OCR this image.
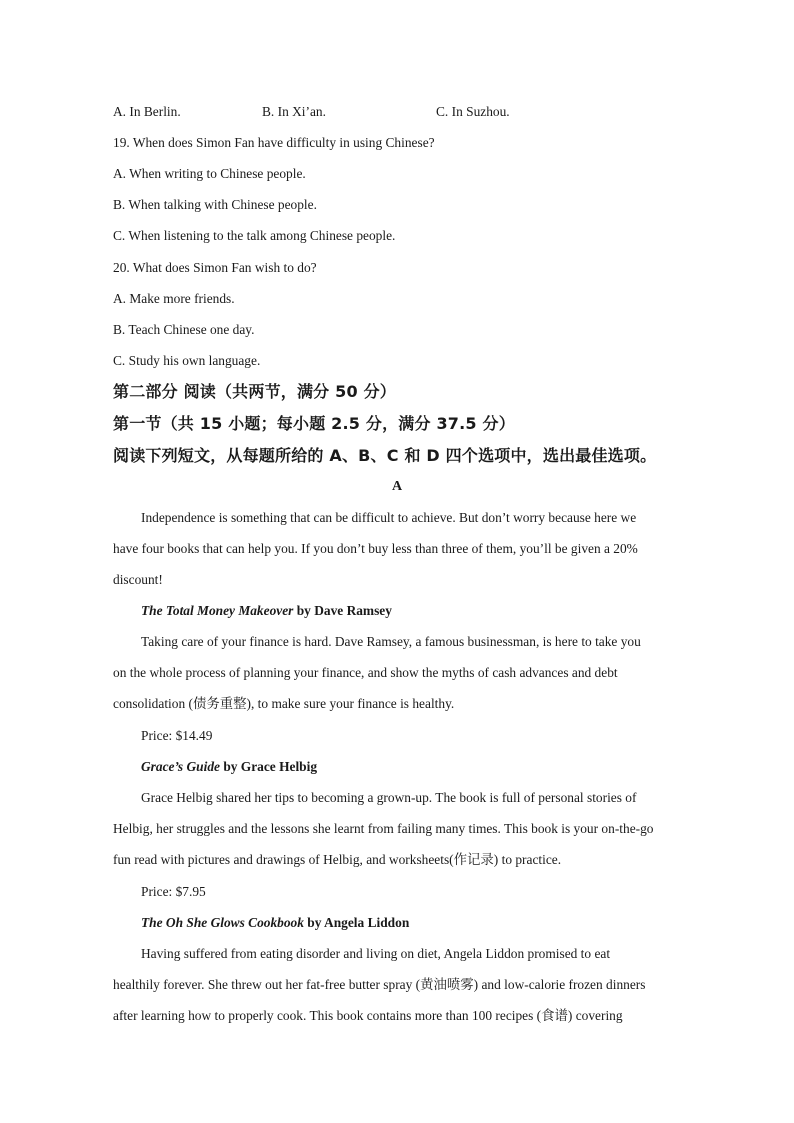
A. In Berlin.	B. In Xi’an.	C. In Suzhou.
19. When does Simon Fan have difficulty in using Chinese?
A. When writing to Chinese people.
B. When talking with Chinese people.
C. When listening to the talk among Chinese people.
20. What does Simon Fan wish to do?
A. Make more friends.
B. Teach Chinese one day.
C. Study his own language.
第二部分 阅读（共两节，满分 50 分）
第一节（共 15 小题；每小题 2.5 分，满分 37.5 分）
阅读下列短文，从每题所给的 A、B、C 和 D 四个选项中，选出最佳选项。
A
Independence is something that can be difficult to achieve. But don’t worry because here we
have four books that can help you. If you don’t buy less than three of them, you’ll be given a 20%
discount!
The Total Money Makeover by Dave Ramsey
Taking care of your finance is hard. Dave Ramsey, a famous businessman, is here to take you
on the whole process of planning your finance, and show the myths of cash advances and debt
consolidation (债务重整), to make sure your finance is healthy.
Price: $14.49
Grace’s Guide by Grace Helbig
Grace Helbig shared her tips to becoming a grown-up. The book is full of personal stories of
Helbig, her struggles and the lessons she learnt from failing many times. This book is your on-the-go
fun read with pictures and drawings of Helbig, and worksheets(作记录) to practice.
Price: $7.95
The Oh She Glows Cookbook by Angela Liddon
Having suffered from eating disorder and living on diet, Angela Liddon promised to eat
healthily forever. She threw out her fat-free butter spray (黄油喷雾) and low-calorie frozen dinners
after learning how to properly cook. This book contains more than 100 recipes (食谱) covering
